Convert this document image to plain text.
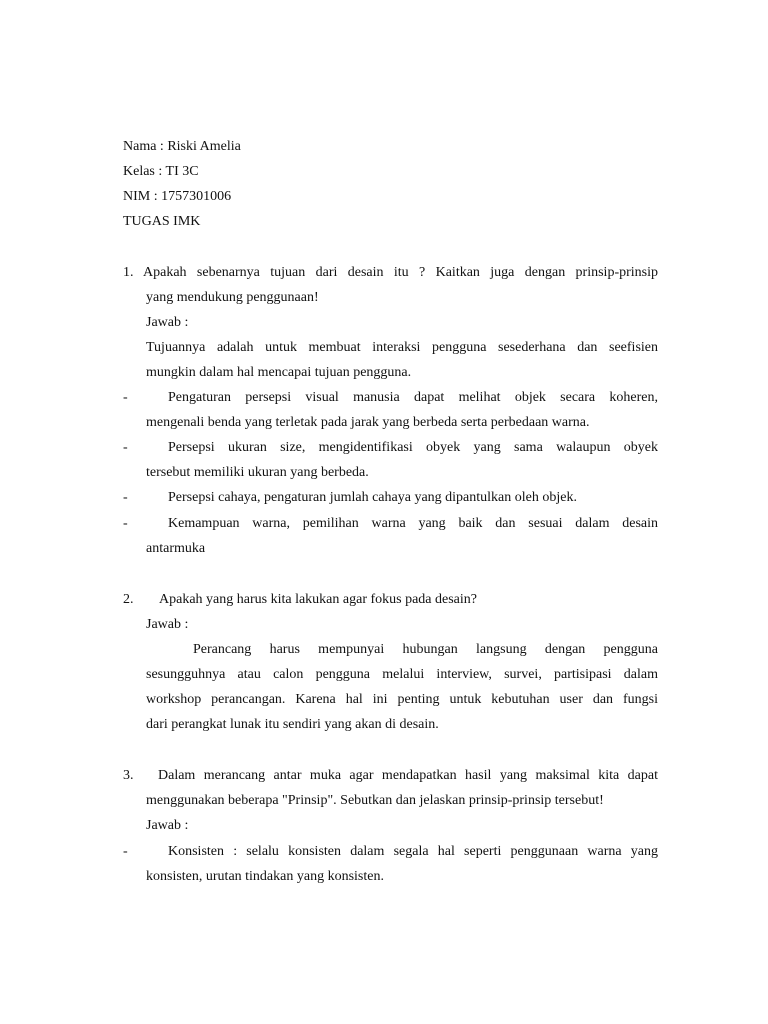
Nama : Riski Amelia
Kelas : TI 3C
NIM : 1757301006
TUGAS IMK
1. Apakah sebenarnya tujuan dari desain itu ? Kaitkan juga dengan prinsip-prinsip
yang mendukung penggunaan!
Jawab :
Tujuannya adalah untuk membuat interaksi pengguna sesederhana dan seefisien
mungkin dalam hal mencapai tujuan pengguna.
-	Pengaturan persepsi visual manusia dapat melihat objek secara koheren,
mengenali benda yang terletak pada jarak yang berbeda serta perbedaan warna.
-	Persepsi ukuran size, mengidentifikasi obyek yang sama walaupun obyek
tersebut memiliki ukuran yang berbeda.
-	Persepsi cahaya, pengaturan jumlah cahaya yang dipantulkan oleh objek.
-	Kemampuan warna, pemilihan warna yang baik dan sesuai dalam desain
antarmuka
2. Apakah yang harus kita lakukan agar fokus pada desain?
Jawab :
Perancang harus mempunyai hubungan langsung dengan pengguna
sesungguhnya atau calon pengguna melalui interview, survei, partisipasi dalam
workshop perancangan. Karena hal ini penting untuk kebutuhan user dan fungsi
dari perangkat lunak itu sendiri yang akan di desain.
3. Dalam merancang antar muka agar mendapatkan hasil yang maksimal kita dapat
menggunakan beberapa "Prinsip". Sebutkan dan jelaskan prinsip-prinsip tersebut!
Jawab :
-	Konsisten : selalu konsisten dalam segala hal seperti penggunaan warna yang
konsisten, urutan tindakan yang konsisten.
